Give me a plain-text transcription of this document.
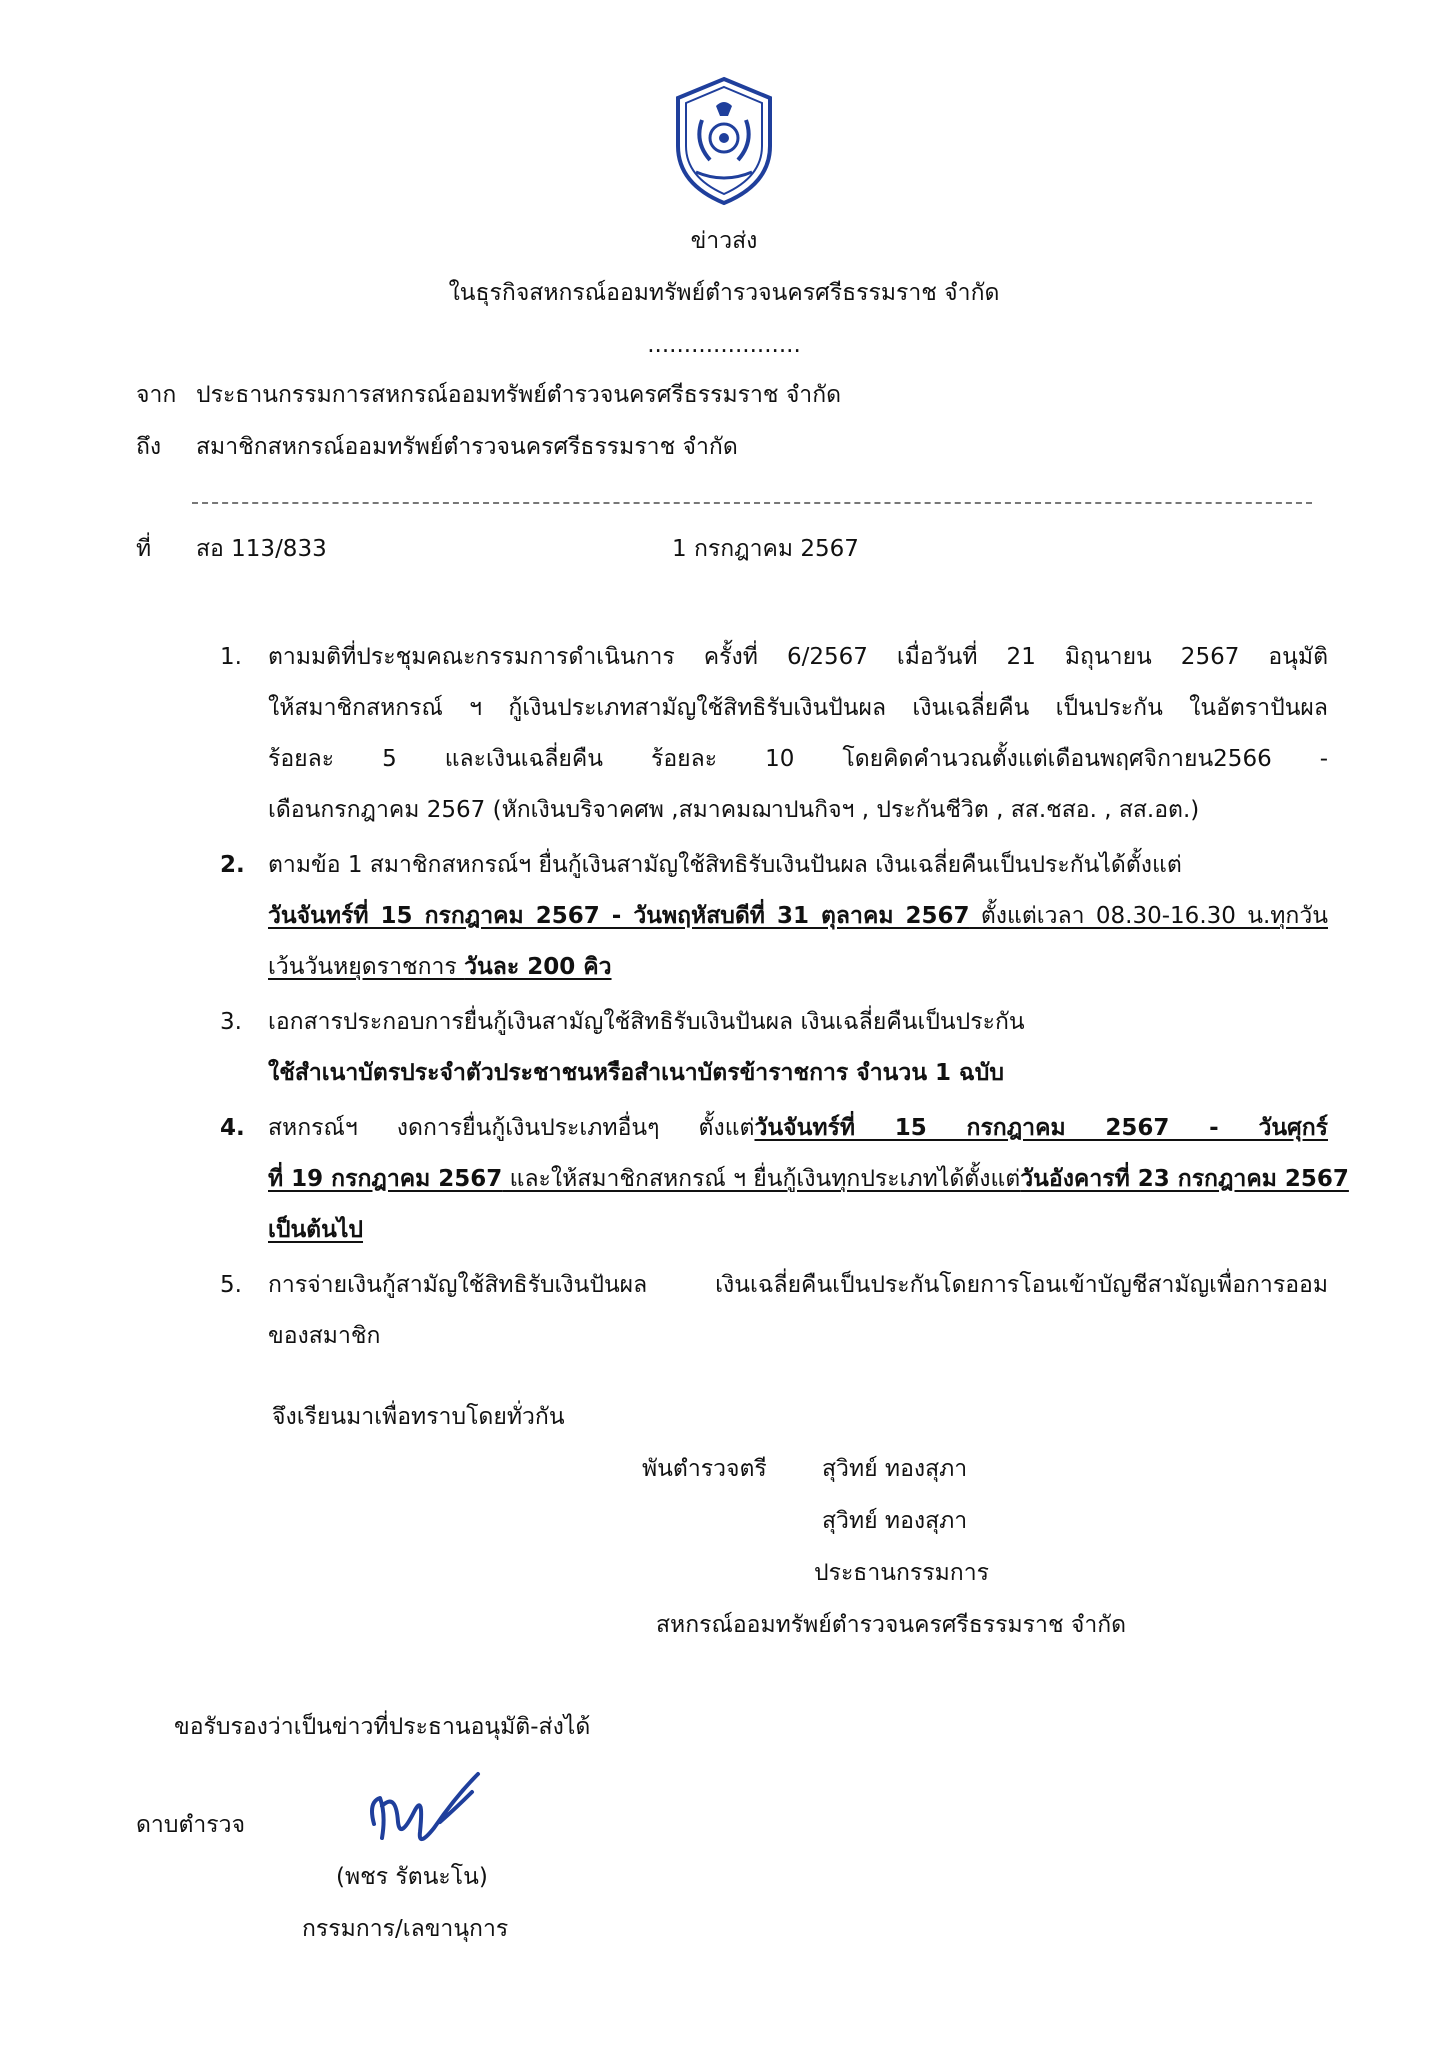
ข่าวส่ง
ในธุรกิจสหกรณ์ออมทรัพย์ตำรวจนครศรีธรรมราช จำกัด
.....................
จาก ประธานกรรมการสหกรณ์ออมทรัพย์ตำรวจนครศรีธรรมราช จำกัด
ถึง สมาชิกสหกรณ์ออมทรัพย์ตำรวจนครศรีธรรมราช จำกัด
ที่ สอ 113/833	1 กรกฎาคม 2567
1. ตามมติที่ประชุมคณะกรรมการดำเนินการ ครั้งที่ 6/2567 เมื่อวันที่ 21 มิถุนายน 2567 อนุมัติ
ให้สมาชิกสหกรณ์ ฯ กู้เงินประเภทสามัญใช้สิทธิรับเงินปันผล เงินเฉลี่ยคืน เป็นประกัน ในอัตราปันผล
ร้อยละ 5 และเงินเฉลี่ยคืน ร้อยละ 10 โดยคิดคำนวณตั้งแต่เดือนพฤศจิกายน2566 -
เดือนกรกฎาคม 2567 (หักเงินบริจาคศพ ,สมาคมฌาปนกิจฯ , ประกันชีวิต , สส.ชสอ. , สส.อต.)
2. ตามข้อ 1 สมาชิกสหกรณ์ฯ ยื่นกู้เงินสามัญใช้สิทธิรับเงินปันผล เงินเฉลี่ยคืนเป็นประกันได้ตั้งแต่
วันจันทร์ที่ 15 กรกฎาคม 2567 - วันพฤหัสบดีที่ 31 ตุลาคม 2567 ตั้งแต่เวลา 08.30-16.30 น.ทุกวัน
เว้นวันหยุดราชการ วันละ 200 คิว
3. เอกสารประกอบการยื่นกู้เงินสามัญใช้สิทธิรับเงินปันผล เงินเฉลี่ยคืนเป็นประกัน
ใช้สำเนาบัตรประจำตัวประชาชนหรือสำเนาบัตรข้าราชการ จำนวน 1 ฉบับ
4. สหกรณ์ฯ งดการยื่นกู้เงินประเภทอื่นๆ ตั้งแต่วันจันทร์ที่ 15 กรกฎาคม 2567 - วันศุกร์
ที่ 19 กรกฎาคม 2567 และให้สมาชิกสหกรณ์ ฯ ยื่นกู้เงินทุกประเภทได้ตั้งแต่วันอังคารที่ 23 กรกฎาคม 2567
เป็นต้นไป
5. การจ่ายเงินกู้สามัญใช้สิทธิรับเงินปันผล เงินเฉลี่ยคืนเป็นประกันโดยการโอนเข้าบัญชีสามัญเพื่อการออม
ของสมาชิก
จึงเรียนมาเพื่อทราบโดยทั่วกัน
พันตำรวจตรี สุวิทย์ ทองสุภา
สุวิทย์ ทองสุภา
ประธานกรรมการ
สหกรณ์ออมทรัพย์ตำรวจนครศรีธรรมราช จำกัด
ขอรับรองว่าเป็นข่าวที่ประธานอนุมัติ-ส่งได้
ดาบตำรวจ
(พชร รัตนะโน)
กรรมการ/เลขานุการ
